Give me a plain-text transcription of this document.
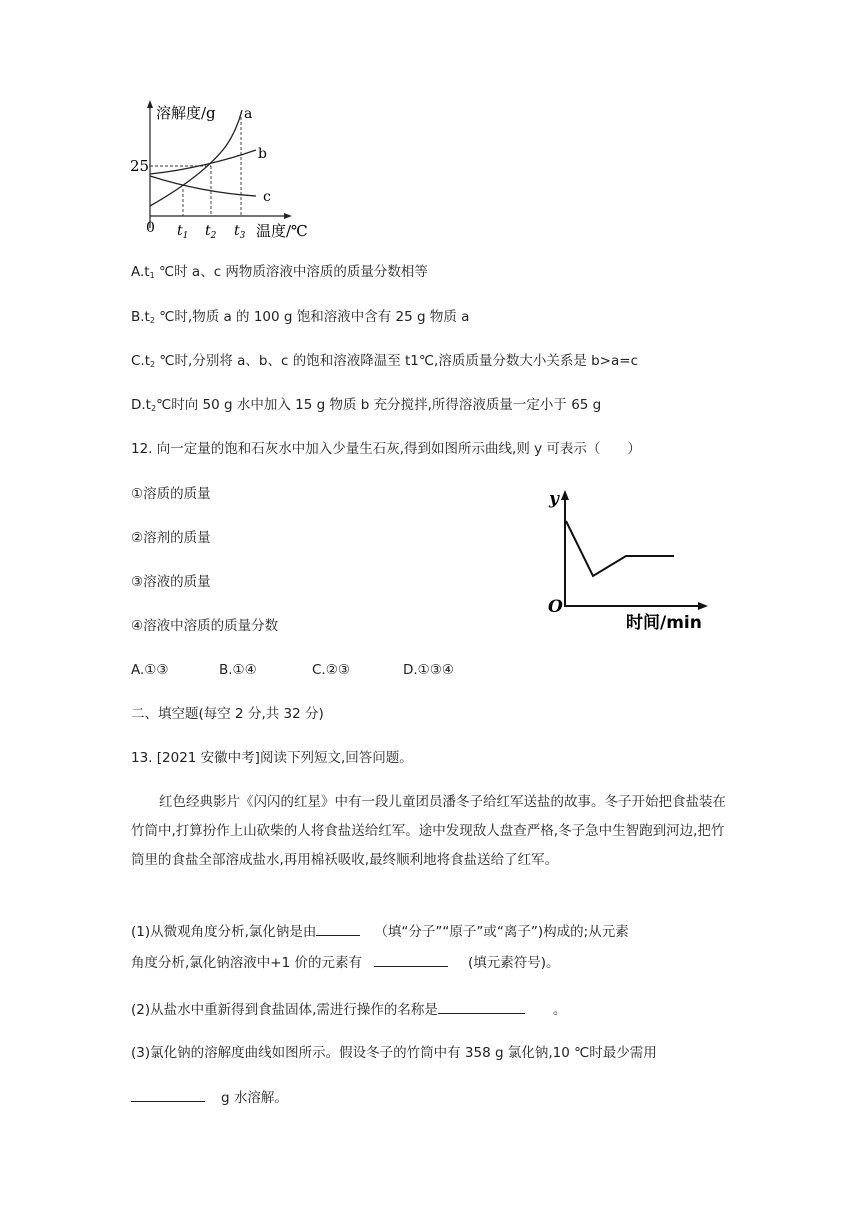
溶解度/g
25
0 $t_1$ $t_2$ $t_3$ 温度/℃
a
b
c
$A.t_1$ ℃时 a、c 两物质溶液中溶质的质量分数相等
$B.t_2$ ℃时,物质 a 的 100 g 饱和溶液中含有 25 g 物质 a
$C.t_2$ ℃时,分别将 a、b、c 的饱和溶液降温至 t1℃,溶质质量分数大小关系是 b>a=c
$D.t_2℃$时向 50 g 水中加入 15 g 物质 b 充分搅拌,所得溶液质量一定小于 65 g
12. 向一定量的饱和石灰水中加入少量生石灰,得到如图所示曲线,则 y 可表示（　　）
①溶质的质量
②溶剂的质量
③溶液的质量
④溶液中溶质的质量分数
y
O
时间/min
A.①③	B.①④	C.②③	D.①③④
二、填空题(每空 2 分,共 32 分)
13. [2021 安徽中考]阅读下列短文,回答问题。
红色经典影片《闪闪的红星》中有一段儿童团员潘冬子给红军送盐的故事。冬子开始把食盐装在竹筒中,打算扮作上山砍柴的人将食盐送给红军。途中发现敌人盘查严格,冬子急中生智跑到河边,把竹筒里的食盐全部溶成盐水,再用棉袄吸收,最终顺利地将食盐送给了红军。
(1)从微观角度分析,氯化钠是由	（填“分子”“原子”或“离子”)构成的;从元素
角度分析,氯化钠溶液中+1 价的元素有	(填元素符号)。
(2)从盐水中重新得到食盐固体,需进行操作的名称是	。
(3)氯化钠的溶解度曲线如图所示。假设冬子的竹筒中有 358 g 氯化钠,10 ℃时最少需用
g 水溶解。
